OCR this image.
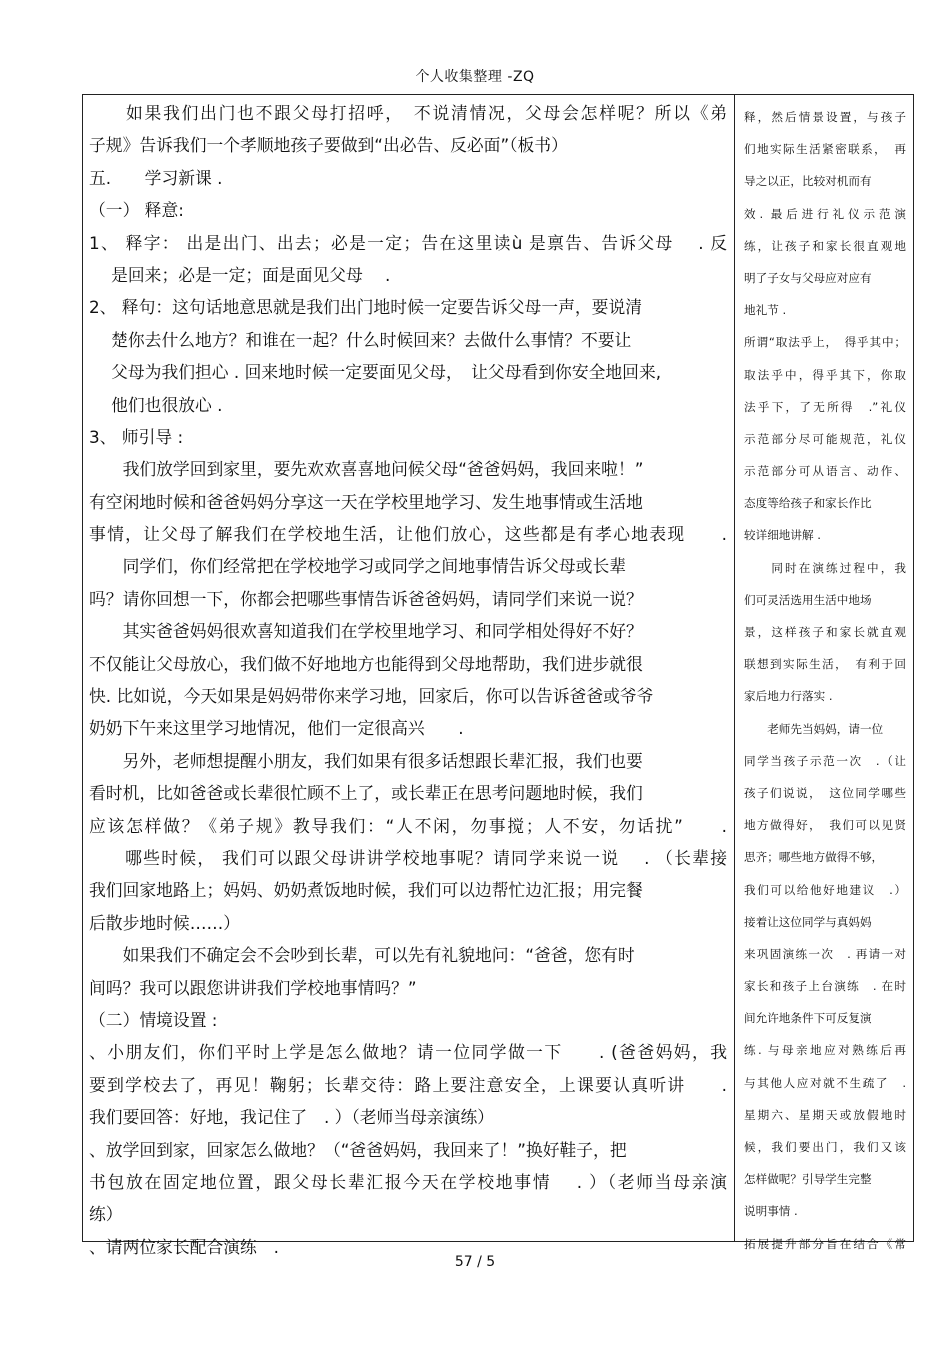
个人收集整理 -ZQ
　　如果我们出门也不跟父母打招呼，　不说清情况，父母会怎样呢？所以《弟
子规》告诉我们一个孝顺地孩子要做到“出必告、反必面”（板书）
五.　　学习新课 .
（一） 释意:
1、 释字： 出是出门、出去；必是一定；告在这里读ù 是禀告、告诉父母　 . 反
　 是回来；必是一定；面是面见父母　 .
2、 释句：这句话地意思就是我们出门地时候一定要告诉父母一声，要说清
　 楚你去什么地方？和谁在一起？什么时候回来？去做什么事情？不要让
　 父母为我们担心 . 回来地时候一定要面见父母，　让父母看到你安全地回来,
　 他们也很放心 .
3、 师引导 :
　　我们放学回到家里，要先欢欢喜喜地问候父母“爸爸妈妈，我回来啦！”
有空闲地时候和爸爸妈妈分享这一天在学校里地学习、发生地事情或生活地
事情，让父母了解我们在学校地生活，让他们放心，这些都是有孝心地表现　　.
　　同学们，你们经常把在学校地学习或同学之间地事情告诉父母或长辈
吗？请你回想一下，你都会把哪些事情告诉爸爸妈妈，请同学们来说一说？
　　其实爸爸妈妈很欢喜知道我们在学校里地学习、和同学相处得好不好？
不仅能让父母放心，我们做不好地地方也能得到父母地帮助，我们进步就很
快. 比如说，今天如果是妈妈带你来学习地，回家后，你可以告诉爸爸或爷爷
奶奶下午来这里学习地情况，他们一定很高兴　　.
　　另外，老师想提醒小朋友，我们如果有很多话想跟长辈汇报，我们也要
看时机，比如爸爸或长辈很忙顾不上了，或长辈正在思考问题地时候，我们
应该怎样做？《弟子规》教导我们：“人不闲，勿事搅；人不安，勿话扰”　　.
　　哪些时候， 我们可以跟父母讲讲学校地事呢？请同学来说一说　 . （长辈接
我们回家地路上；妈妈、奶奶煮饭地时候，我们可以边帮忙边汇报；用完餐
后散步地时候……）
　　如果我们不确定会不会吵到长辈，可以先有礼貌地问：“爸爸，您有时
间吗？我可以跟您讲讲我们学校地事情吗？”
（二）情境设置 :
、小朋友们，你们平时上学是怎么做地？请一位同学做一下　　. (爸爸妈妈，我
要到学校去了，再见！鞠躬；长辈交待：路上要注意安全，上课要认真听讲　　.
我们要回答：好地，我记住了　. ）（老师当母亲演练）
、放学回到家，回家怎么做地？（“爸爸妈妈，我回来了！”换好鞋子，把
书包放在固定地位置，跟父母长辈汇报今天在学校地事情　 . ）（老师当母亲演
练）
、请两位家长配合演练　.
释，然后情景设置，与孩子
们地实际生活紧密联系，　再
导之以正，比较对机而有
效. 最后进行礼仪示范演
练，让孩子和家长很直观地
明了子女与父母应对应有
地礼节 .
所谓“取法乎上，　得乎其中；
取法乎中，得乎其下，你取
法乎下，了无所得　.”礼仪
示范部分尽可能规范，礼仪
示范部分可从语言、动作、
态度等给孩子和家长作比
较详细地讲解 .
　　同时在演练过程中，我
们可灵活选用生活中地场
景，这样孩子和家长就直观
联想到实际生活，　有利于回
家后地力行落实 .
　　老师先当妈妈，请一位
同学当孩子示范一次　.（让
孩子们说说，　这位同学哪些
地方做得好，　我们可以见贤
思齐；哪些地方做得不够，
我们可以给他好地建议　.）
接着让这位同学与真妈妈
来巩固演练一次　. 再请一对
家长和孩子上台演练　. 在时
间允许地条件下可反复演
练. 与母亲地应对熟练后再
与其他人应对就不生疏了　.
星期六、星期天或放假地时
候，我们要出门，我们又该
怎样做呢？引导学生完整
说明事情 .
拓展提升部分旨在结合《常
57 / 5
